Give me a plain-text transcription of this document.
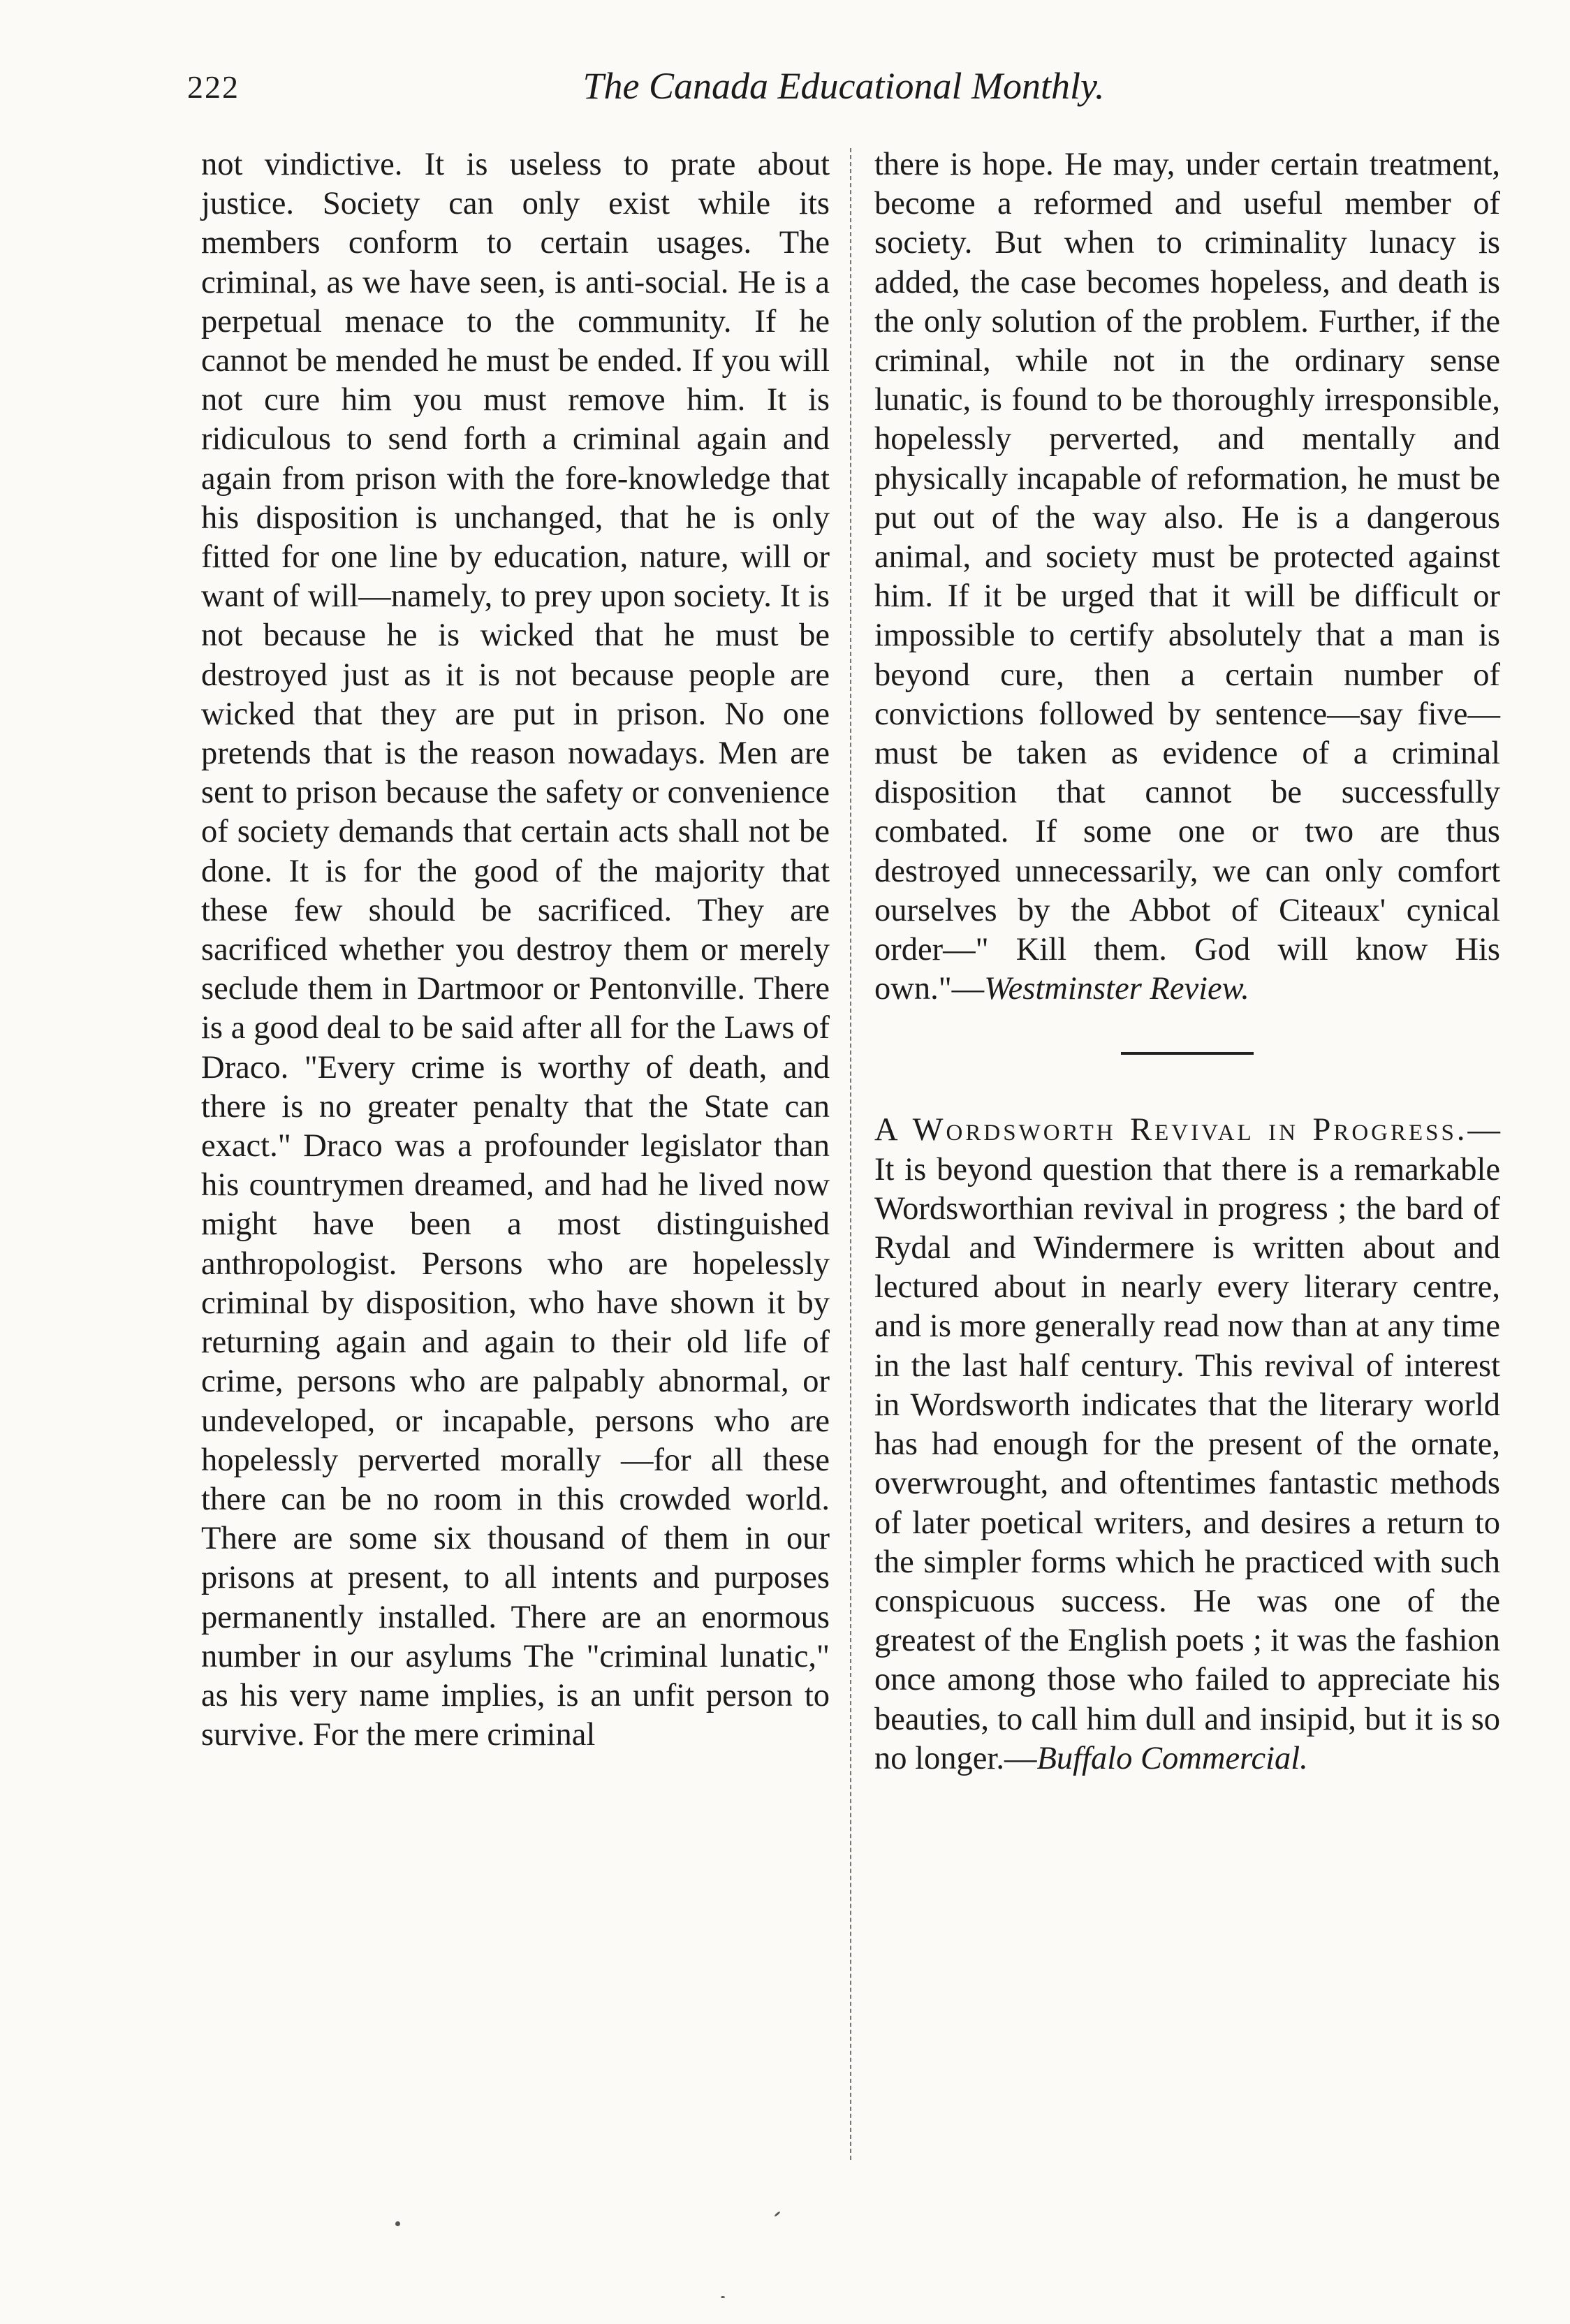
222	The Canada Educational Monthly.

not vindictive. It is useless to prate about justice. Society can only exist while its members conform to certain usages. The criminal, as we have seen, is anti-social. He is a perpetual menace to the community. If he cannot be mended he must be ended. If you will not cure him you must remove him. It is ridiculous to send forth a criminal again and again from prison with the fore-knowledge that his disposition is unchanged, that he is only fitted for one line by education, nature, will or want of will—namely, to prey upon society. It is not because he is wicked that he must be destroyed just as it is not because people are wicked that they are put in prison. No one pretends that is the reason nowadays. Men are sent to prison because the safety or convenience of society demands that certain acts shall not be done. It is for the good of the majority that these few should be sacrificed. They are sacrificed whether you destroy them or merely seclude them in Dartmoor or Pentonville. There is a good deal to be said after all for the Laws of Draco. "Every crime is worthy of death, and there is no greater penalty that the State can exact." Draco was a profounder legislator than his countrymen dreamed, and had he lived now might have been a most distinguished anthropologist. Persons who are hopelessly criminal by disposition, who have shown it by returning again and again to their old life of crime, persons who are palpably abnormal, or undeveloped, or incapable, persons who are hopelessly perverted morally —for all these there can be no room in this crowded world. There are some six thousand of them in our prisons at present, to all intents and purposes permanently installed. There are an enormous number in our asylums The "criminal lunatic," as his very name implies, is an unfit person to survive. For the mere criminal

there is hope. He may, under certain treatment, become a reformed and useful member of society. But when to criminality lunacy is added, the case becomes hopeless, and death is the only solution of the problem. Further, if the criminal, while not in the ordinary sense lunatic, is found to be thoroughly irresponsible, hopelessly perverted, and mentally and physically incapable of reformation, he must be put out of the way also. He is a dangerous animal, and society must be protected against him. If it be urged that it will be difficult or impossible to certify absolutely that a man is beyond cure, then a certain number of convictions followed by sentence—say five—must be taken as evidence of a criminal disposition that cannot be successfully combated. If some one or two are thus destroyed unnecessarily, we can only comfort ourselves by the Abbot of Citeaux' cynical order—" Kill them. God will know His own."—Westminster Review.

A Wordsworth Revival in Progress.—It is beyond question that there is a remarkable Wordsworthian revival in progress ; the bard of Rydal and Windermere is written about and lectured about in nearly every literary centre, and is more generally read now than at any time in the last half century. This revival of interest in Wordsworth indicates that the literary world has had enough for the present of the ornate, overwrought, and oftentimes fantastic methods of later poetical writers, and desires a return to the simpler forms which he practiced with such conspicuous success. He was one of the greatest of the English poets ; it was the fashion once among those who failed to appreciate his beauties, to call him dull and insipid, but it is so no longer.—Buffalo Commercial.
